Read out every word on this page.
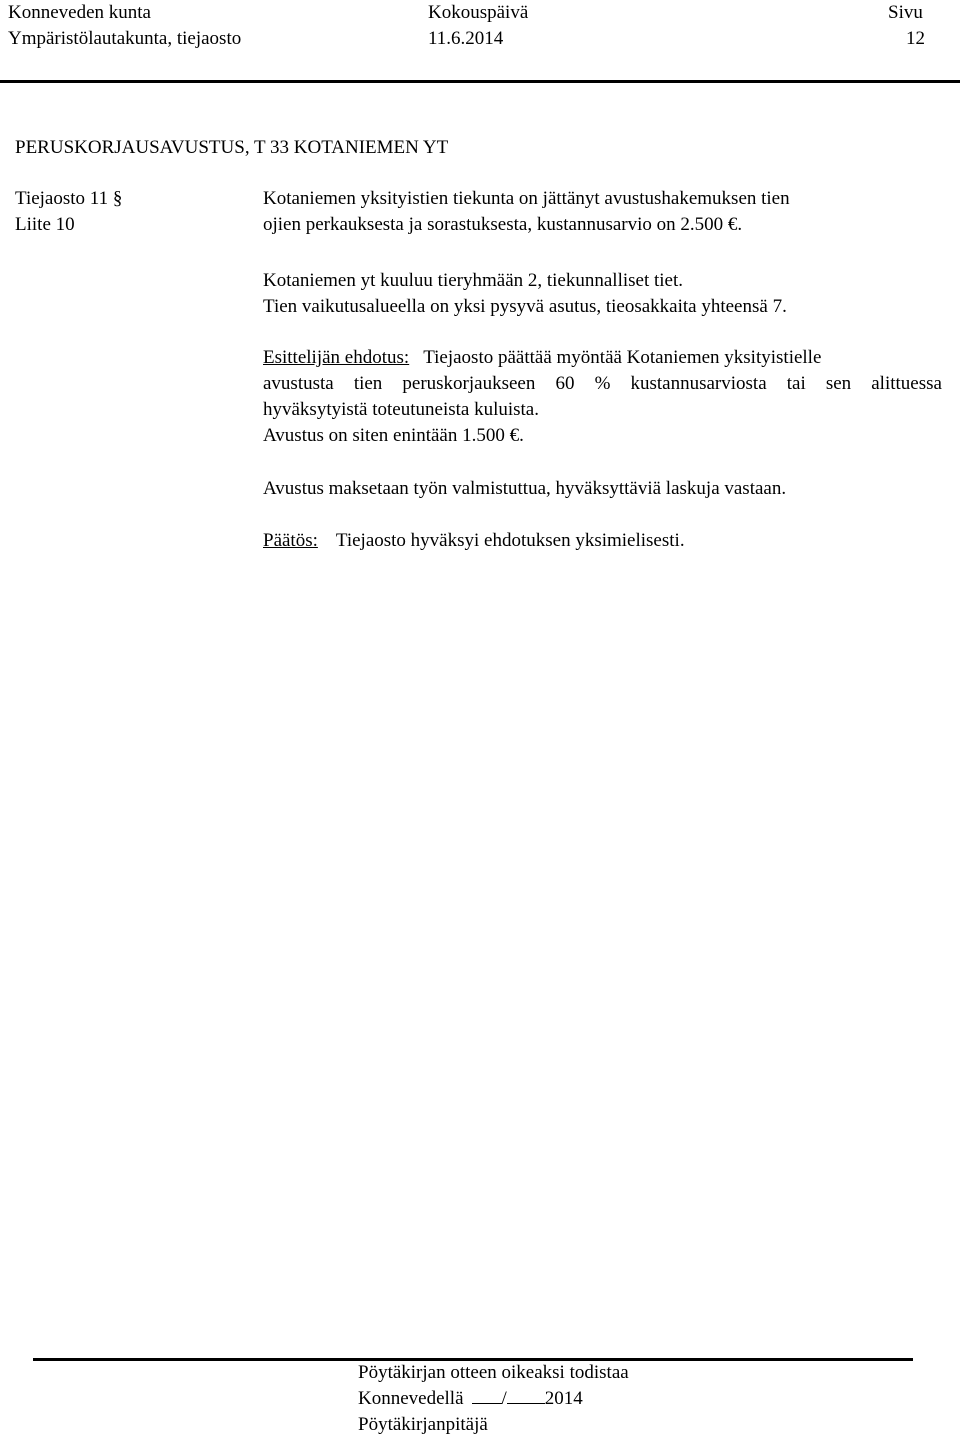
Konneveden kunta
Ympäristölautakunta, tiejaosto
Kokouspäivä
11.6.2014
Sivu
12
PERUSKORJAUSAVUSTUS, T 33 KOTANIEMEN YT
Tiejaosto 11 §
Liite 10
Kotaniemen yksityistien tiekunta on jättänyt avustushakemuksen tien
ojien perkauksesta ja sorastuksesta, kustannusarvio on 2.500 €.
Kotaniemen yt kuuluu tieryhmään 2, tiekunnalliset tiet.
Tien vaikutusalueella on yksi pysyvä asutus, tieosakkaita yhteensä 7.
Esittelijän ehdotus: Tiejaosto päättää myöntää Kotaniemen yksityistielle
avustusta tien peruskorjaukseen 60 % kustannusarviosta tai sen alittuessa
hyväksytyistä toteutuneista kuluista.
Avustus on siten enintään 1.500 €.
Avustus maksetaan työn valmistuttua, hyväksyttäviä laskuja vastaan.
Päätös: Tiejaosto hyväksyi ehdotuksen yksimielisesti.
Pöytäkirjan otteen oikeaksi todistaa
Konnevedellä / 2014
Pöytäkirjanpitäjä
